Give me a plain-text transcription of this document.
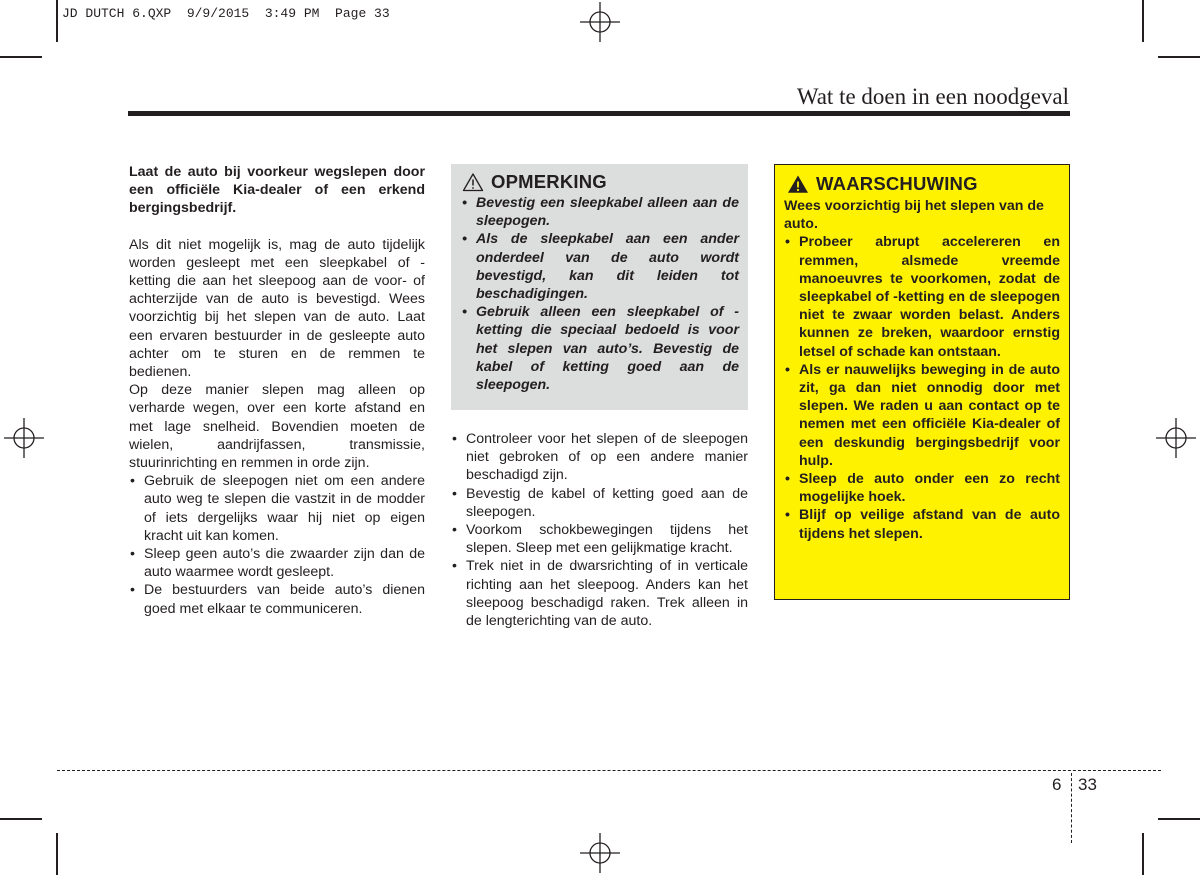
JD DUTCH 6.QXP  9/9/2015  3:49 PM  Page 33
Wat te doen in een noodgeval

Laat de auto bij voorkeur wegslepen door een officiële Kia-dealer of een erkend bergingsbedrijf.

Als dit niet mogelijk is, mag de auto tijdelijk worden gesleept met een sleepkabel of -ketting die aan het sleepoog aan de voor- of achterzijde van de auto is bevestigd. Wees voorzichtig bij het slepen van de auto. Laat een ervaren bestuurder in de gesleepte auto achter om te sturen en de remmen te bedienen.

Op deze manier slepen mag alleen op verharde wegen, over een korte afstand en met lage snelheid. Bovendien moeten de wielen, aandrijfassen, transmissie, stuurinrichting en remmen in orde zijn.

• Gebruik de sleepogen niet om een andere auto weg te slepen die vastzit in de modder of iets dergelijks waar hij niet op eigen kracht uit kan komen.
• Sleep geen auto’s die zwaarder zijn dan de auto waarmee wordt gesleept.
• De bestuurders van beide auto’s dienen goed met elkaar te communiceren.
OPMERKING
• Bevestig een sleepkabel alleen aan de sleepogen.
• Als de sleepkabel aan een ander onderdeel van de auto wordt bevestigd, kan dit leiden tot beschadigingen.
• Gebruik alleen een sleepkabel of -ketting die speciaal bedoeld is voor het slepen van auto’s. Bevestig de kabel of ketting goed aan de sleepogen.
• Controleer voor het slepen of de sleepogen niet gebroken of op een andere manier beschadigd zijn.
• Bevestig de kabel of ketting goed aan de sleepogen.
• Voorkom schokbewegingen tijdens het slepen. Sleep met een gelijkmatige kracht.
• Trek niet in de dwarsrichting of in verticale richting aan het sleepoog. Anders kan het sleepoog beschadigd raken. Trek alleen in de lengterichting van de auto.
WAARSCHUWING

Wees voorzichtig bij het slepen van de auto.

• Probeer abrupt accelereren en remmen, alsmede vreemde manoeuvres te voorkomen, zodat de sleepkabel of -ketting en de sleepogen niet te zwaar worden belast. Anders kunnen ze breken, waardoor ernstig letsel of schade kan ontstaan.
• Als er nauwelijks beweging in de auto zit, ga dan niet onnodig door met slepen. We raden u aan contact op te nemen met een officiële Kia-dealer of een deskundig bergingsbedrijf voor hulp.
• Sleep de auto onder een zo recht mogelijke hoek.
• Blijf op veilige afstand van de auto tijdens het slepen.
6 33
